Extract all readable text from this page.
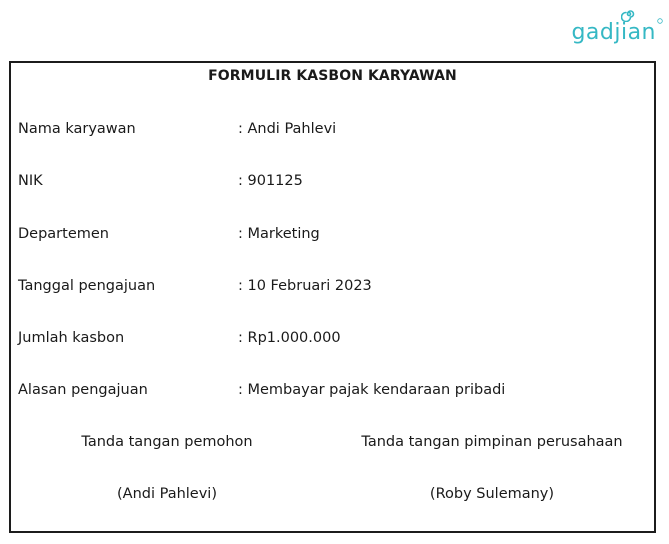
gadjian
FORMULIR KASBON KARYAWAN
Nama karyawan	: Andi Pahlevi
NIK	: 901125
Departemen	: Marketing
Tanggal pengajuan	: 10 Februari 2023
Jumlah kasbon	: Rp1.000.000
Alasan pengajuan	: Membayar pajak kendaraan pribadi
Tanda tangan pemohon
(Andi Pahlevi)
Tanda tangan pimpinan perusahaan
(Roby Sulemany)
